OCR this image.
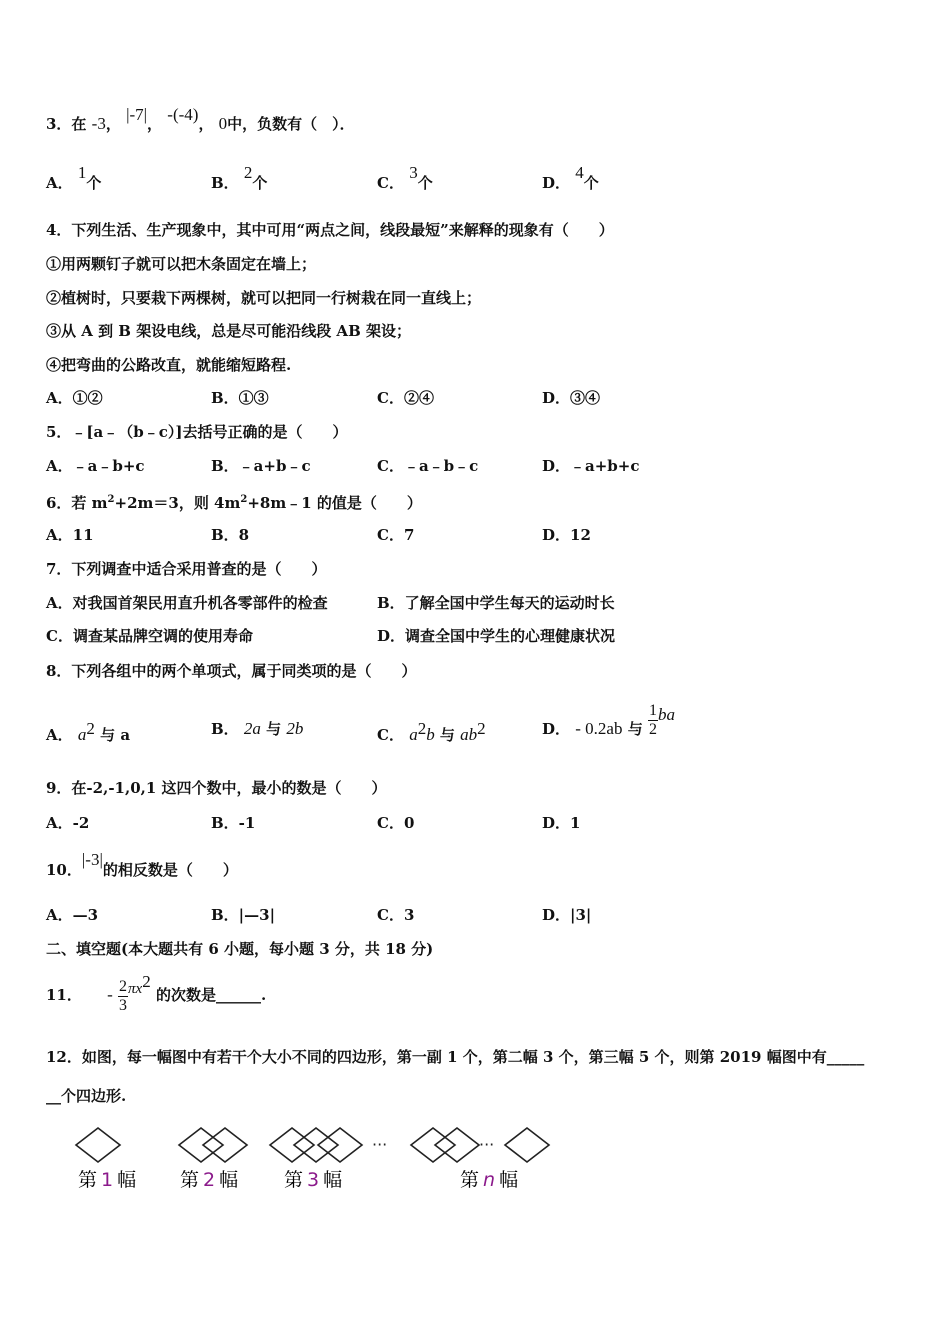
3．在 -3， |-7|， -(-4)， 0中，负数有（　）．
A． 1个	B． 2个	C． 3个	D． 4个
4．下列生活、生产现象中，其中可用“两点之间，线段最短”来解释的现象有（　　）
①用两颗钉子就可以把木条固定在墙上；
②植树时，只要栽下两棵树，就可以把同一行树栽在同一直线上；
③从 A 到 B 架设电线，总是尽可能沿线段 AB 架设；
④把弯曲的公路改直，就能缩短路程.
A．①②	B．①③	C．②④	D．③④
5．﹣[a﹣（b﹣c）]去括号正确的是（　　）
A．﹣a﹣b+c	B．﹣a+b﹣c	C．﹣a﹣b﹣c	D．﹣a+b+c
6．若 $m^2+2m=3$，则 $4m^2+8m﹣1$ 的值是（　　）
A．11	B．8	C．7	D．12
7．下列调查中适合采用普查的是（　　）
A．对我国首架民用直升机各零部件的检查	B．了解全国中学生每天的运动时长
C．调查某品牌空调的使用寿命	D．调查全国中学生的心理健康状况
8．下列各组中的两个单项式，属于同类项的是（　　）
A． $a^2$ 与 a	B． 2a 与 2b	C． $a^2b$ 与 $ab^2$	D． - 0.2ab 与 $\frac{1}{2}$ ba
9．在-2,-1,0,1 这四个数中，最小的数是（　　）
A．-2	B．-1	C．0	D．1
10．|-3|的相反数是（　　）
A．—3	B．|—3|	C．3	D．|3|
二、填空题(本大题共有 6 小题，每小题 3 分，共 18 分)
11． - $\frac{2}{3} \pi x^2$ 的次数是______.
12．如图，每一幅图中有若干个大小不同的四边形，第一副 1 个，第二幅 3 个，第三幅 5 个，则第 2019 幅图中有_____
__个四边形.
···	···
第 1 幅 第 2 幅 第 3 幅	第 n 幅
